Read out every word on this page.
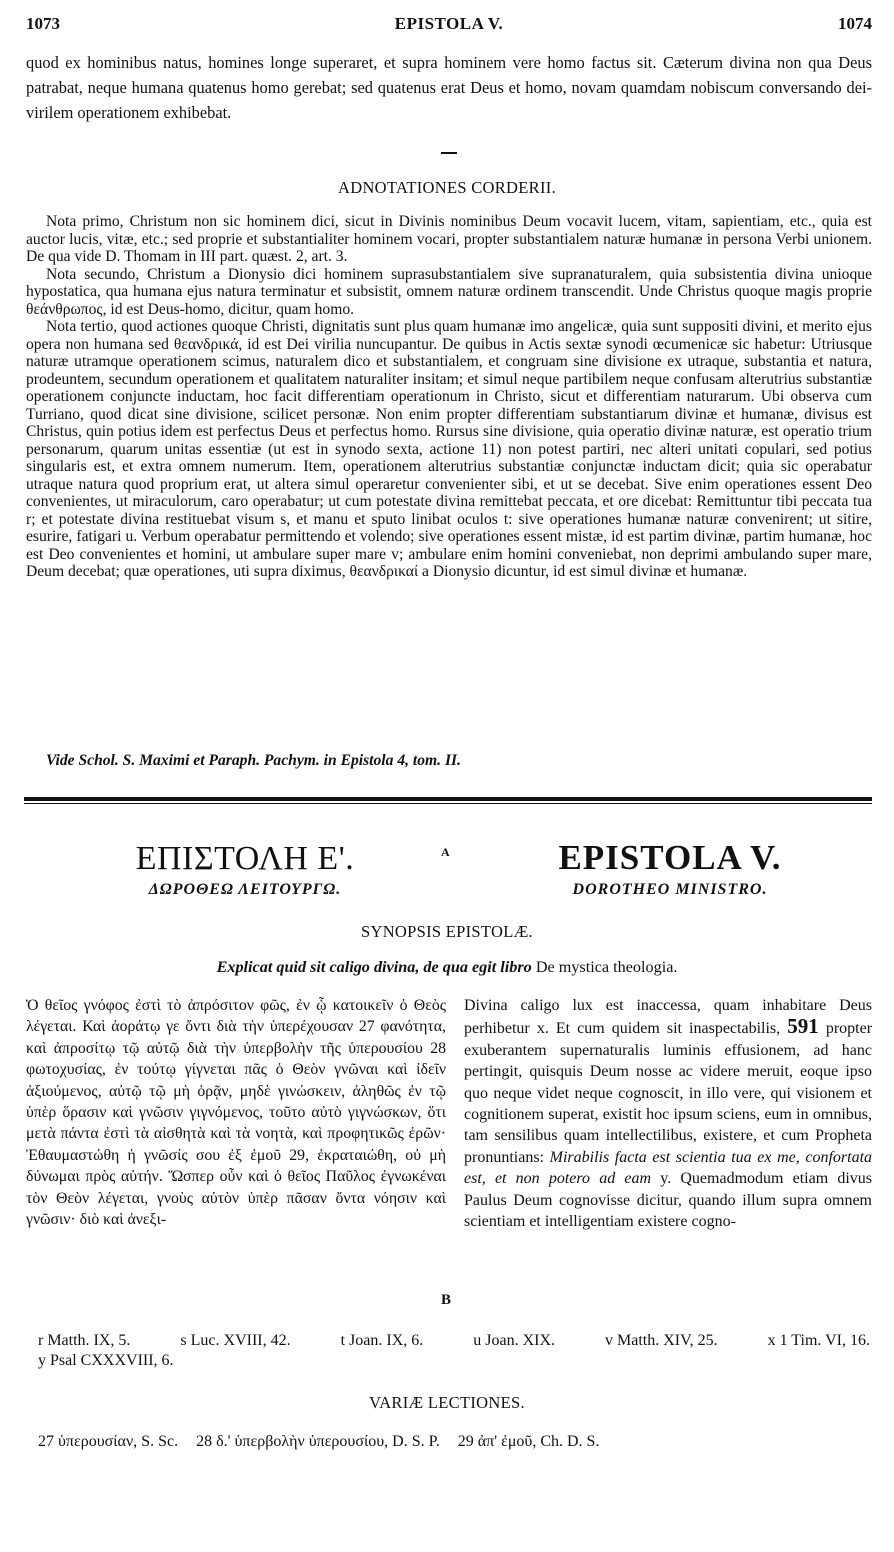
1073	EPISTOLA V.	1074
quod ex hominibus natus, homines longe superaret, et supra hominem vere homo factus sit. Cæterum divina non qua Deus patrabat, neque humana quatenus homo gerebat; sed quatenus erat Deus et homo, novam quamdam nobiscum conversando dei-virilem operationem exhibebat.
ADNOTATIONES CORDERII.

Nota primo, Christum non sic hominem dici, sicut in Divinis nominibus Deum vocavit lucem, vitam, sapientiam, etc., quia est auctor lucis, vitæ, etc.; sed proprie et substantialiter hominem vocari, propter substantialem naturæ humanæ in persona Verbi unionem. De qua vide D. Thomam in III part. quæst. 2, art. 3.

Nota secundo, Christum a Dionysio dici hominem suprasubstantialem sive supranaturalem, quia subsistentia divina unioque hypostatica, qua humana ejus natura terminatur et subsistit, omnem naturæ ordinem transcendit. Unde Christus quoque magis proprie θεάνθρωπος, id est Deus-homo, dicitur, quam homo.

Nota tertio, quod actiones quoque Christi, dignitatis sunt plus quam humanæ imo angelicæ, quia sunt suppositi divini, et merito ejus opera non humana sed θεανδρικά, id est Dei virilia nuncupantur. De quibus in Actis sextæ synodi œcumenicæ sic habetur: Utriusque naturæ utramque operationem scimus, naturalem dico et substantialem, et congruam sine divisione ex utraque, substantia et natura, prodeuntem, secundum operationem et qualitatem naturaliter insitam; et simul neque partibilem neque confusam alterutrius substantiæ operationem conjuncte inductam, hoc facit differentiam operationum in Christo, sicut et differentiam naturarum. Ubi observa cum Turriano, quod dicat sine divisione, scilicet personæ. Non enim propter differentiam substantiarum divinæ et humanæ, divisus est Christus, quin potius idem est perfectus Deus et perfectus homo. Rursus sine divisione, quia operatio divinæ naturæ, est operatio trium personarum, quarum unitas essentiæ (ut est in synodo sexta, actione 11) non potest partiri, nec alteri unitati copulari, sed potius singularis est, et extra omnem numerum. Item, operationem alterutrius substantiæ conjunctæ inductam dicit; quia sic operabatur utraque natura quod proprium erat, ut altera simul operaretur convenienter sibi, et ut se decebat. Sive enim operationes essent Deo convenientes, ut miraculorum, caro operabatur; ut cum potestate divina remittebat peccata, et ore dicebat: Remittuntur tibi peccata tua r; et potestate divina restituebat visum s, et manu et sputo linibat oculos t: sive operationes humanæ naturæ convenirent; ut sitire, esurire, fatigari u. Verbum operabatur permittendo et volendo; sive operationes essent mistæ, id est partim divinæ, partim humanæ, hoc est Deo convenientes et homini, ut ambulare super mare v; ambulare enim homini conveniebat, non deprimi ambulando super mare, Deum decebat; quæ operationes, uti supra diximus, θεανδρικαί a Dionysio dicuntur, id est simul divinæ et humanæ.

Vide Schol. S. Maximi et Paraph. Pachym. in Epistola 4, tom. II.
ΕΠΙΣΤΟΛΗ Ε'.
ΔΩΡΟΘΕΩ ΛΕΙΤΟΥΡΓΩ.
A	EPISTOLA V.
DOROTHEO MINISTRO.
SYNOPSIS EPISTOLÆ.
Explicat quid sit caligo divina, de qua egit libro De mystica theologia.
Ὁ θεῖος γνόφος ἐστὶ τὸ ἀπρόσιτον φῶς, ἐν ᾧ κατοικεῖν ὁ Θεὸς λέγεται. Καὶ ἀοράτῳ γε ὄντι διὰ τὴν ὑπερέχουσαν 27 φανότητα, καὶ ἀπροσίτῳ τῷ αὐτῷ διὰ τὴν ὑπερβολὴν τῆς ὑπερουσίου 28 φωτοχυσίας, ἐν τούτῳ γίγνεται πᾶς ὁ Θεὸν γνῶναι καὶ ἰδεῖν ἀξιούμενος, αὐτῷ τῷ μὴ ὁρᾷν, μηδὲ γινώσκειν, ἀληθῶς ἐν τῷ ὑπὲρ ὅρασιν καὶ γνῶσιν γιγνόμενος, τοῦτο αὐτὸ γιγνώσκων, ὅτι μετὰ πάντα ἐστὶ τὰ αἰσθητὰ καὶ τὰ νοητὰ, καὶ προφητικῶς ἐρῶν· Ἐθαυμαστώθη ἡ γνῶσίς σου ἐξ ἐμοῦ 29, ἐκραταιώθη, οὐ μὴ δύνωμαι πρὸς αὐτήν. Ὥσπερ οὖν καὶ ὁ θεῖος Παῦλος ἐγνωκέναι τὸν Θεὸν λέγεται, γνοὺς αὐτὸν ὑπὲρ πᾶσαν ὄντα νόησιν καὶ γνῶσιν· διὸ καὶ ἀνεξι-
B
Divina caligo lux est inaccessa, quam inhabitare Deus perhibetur x. Et cum quidem sit inaspectabilis, 591 propter exuberantem supernaturalis luminis effusionem, ad hanc pertingit, quisquis Deum nosse ac videre meruit, eoque ipso quo neque videt neque cognoscit, in illo vere, qui visionem et cognitionem superat, existit hoc ipsum sciens, eum in omnibus, tam sensilibus quam intellectilibus, existere, et cum Propheta pronuntians: Mirabilis facta est scientia tua ex me, confortata est, et non potero ad eam y. Quemadmodum etiam divus Paulus Deum cognovisse dicitur, quando illum supra omnem scientiam et intelligentiam existere cogno-
r Matth. IX, 5.	s Luc. XVIII, 42.	t Joan. IX, 6.	u Joan. XIX.	v Matth. XIV, 25.	x 1 Tim. VI, 16.
y Psal CXXXVIII, 6.
VARIÆ LECTIONES.
27 ὑπερουσίαν, S. Sc. 28 δ.' ὑπερβολὴν ὑπερουσίου, D. S. P. 29 ἀπ' ἐμοῦ, Ch. D. S.
